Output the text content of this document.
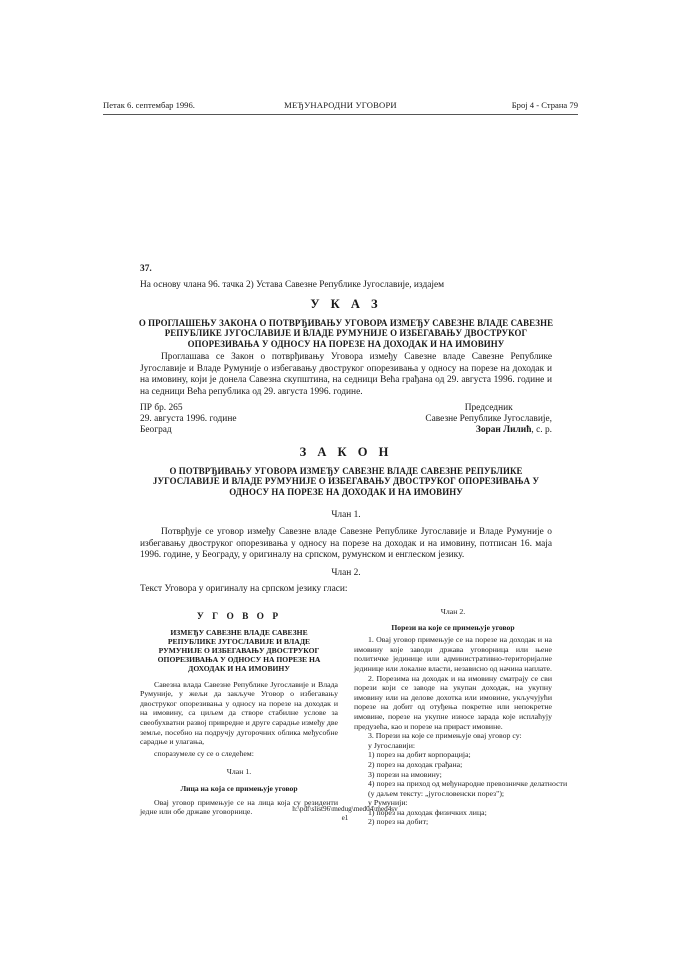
Петак 6. септембар 1996.	МЕЂУНАРОДНИ УГОВОРИ	Број 4 - Страна 79
37.
На основу члана 96. тачка 2) Устава Савезне Републике Југославије, издајем
У К А З
О ПРОГЛАШЕЊУ ЗАКОНА О ПОТВРЂИВАЊУ УГОВОРА ИЗМЕЂУ САВЕЗНЕ ВЛАДЕ САВЕЗНЕ РЕПУБЛИКЕ ЈУГОСЛАВИЈЕ И ВЛАДЕ РУМУНИЈЕ О ИЗБЕГАВАЊУ ДВОСТРУКОГ ОПОРЕЗИВАЊА У ОДНОСУ НА ПОРЕЗЕ НА ДОХОДАК И НА ИМОВИНУ
Проглашава се Закон о потврђивању Уговора између Савезне владе Савезне Републике Југославије и Владе Румуније о избегавању двоструког опорезивања у односу на порезе на доходак и на имовину, који је донела Савезна скупштина, на седници Већа грађана од 29. августа 1996. године и на седници Већа република од 29. августа 1996. године.
ПР бр. 265
29. августа 1996. године
Београд
Председник
Савезне Републике Југославије,
Зоран Лилић, с. р.
З А К О Н
О ПОТВРЂИВАЊУ УГОВОРА ИЗМЕЂУ САВЕЗНЕ ВЛАДЕ САВЕЗНЕ РЕПУБЛИКЕ ЈУГОСЛАВИЈЕ И ВЛАДЕ РУМУНИЈЕ О ИЗБЕГАВАЊУ ДВОСТРУКОГ ОПОРЕЗИВАЊА У ОДНОСУ НА ПОРЕЗЕ НА ДОХОДАК И НА ИМОВИНУ
Члан 1.
Потврђује се уговор између Савезне владе Савезне Републике Југославије и Владе Румуније о избегавању двоструког опорезивања у односу на порезе на доходак и на имовину, потписан 16. маја 1996. године, у Београду, у оригиналу на српском, румунском и енглеском језику.
Члан 2.
Текст Уговора у оригиналу на српском језику гласи:
У Г О В О Р
ИЗМЕЂУ САВЕЗНЕ ВЛАДЕ САВЕЗНЕ РЕПУБЛИКЕ ЈУГОСЛАВИЈЕ И ВЛАДЕ РУМУНИЈЕ О ИЗБЕГАВАЊУ ДВОСТРУКОГ ОПОРЕЗИВАЊА У ОДНОСУ НА ПОРЕЗЕ НА ДОХОДАК И НА ИМОВИНУ
Савезна влада Савезне Републике Југославије и Влада Румуније, у жељи да закључе Уговор о избегавању двоструког опорезивања у односу на порезе на доходак и на имовину, са циљем да створе стабилне услове за свеобухватни развој привредне и друге сарадње између две земље, посебно на подручју дугорочних облика међусобне сарадње и улагања,
споразумеле су се о следећем:
Члан 1.
Лица на која се примењује уговор
Овај уговор примењује се на лица која су резиденти једне или обе државе уговорнице.
Члан 2.
Порези на које се примењује уговор
1. Овај уговор примењује се на порезе на доходак и на имовину које заводи држава уговорница или њене политичке јединице или административно-територијалне јединице или локалне власти, независно од начина наплате.
2. Порезима на доходак и на имовину сматрају се сви порези који се заводе на укупан доходак, на укупну имовину или на делове дохотка или имовине, укључујући порезе на добит од отуђења покретне или непокретне имовине, порезе на укупне износе зарада које исплаћују предузећа, као и порезе на прираст имовине.
3. Порези на које се примењује овај уговор су:
у Југославији:
1) порез на добит корпорација;
2) порез на доходак грађана;
3) порези на имовину;
4) порез на приход од међународне превозничке делатности
(у даљем тексту: „југословенски порез");
у Румунији:
1) порез на доходак физичких лица;
2) порез на добит;
h:\pdf\slist96\medug\med04\med4sv
e1
